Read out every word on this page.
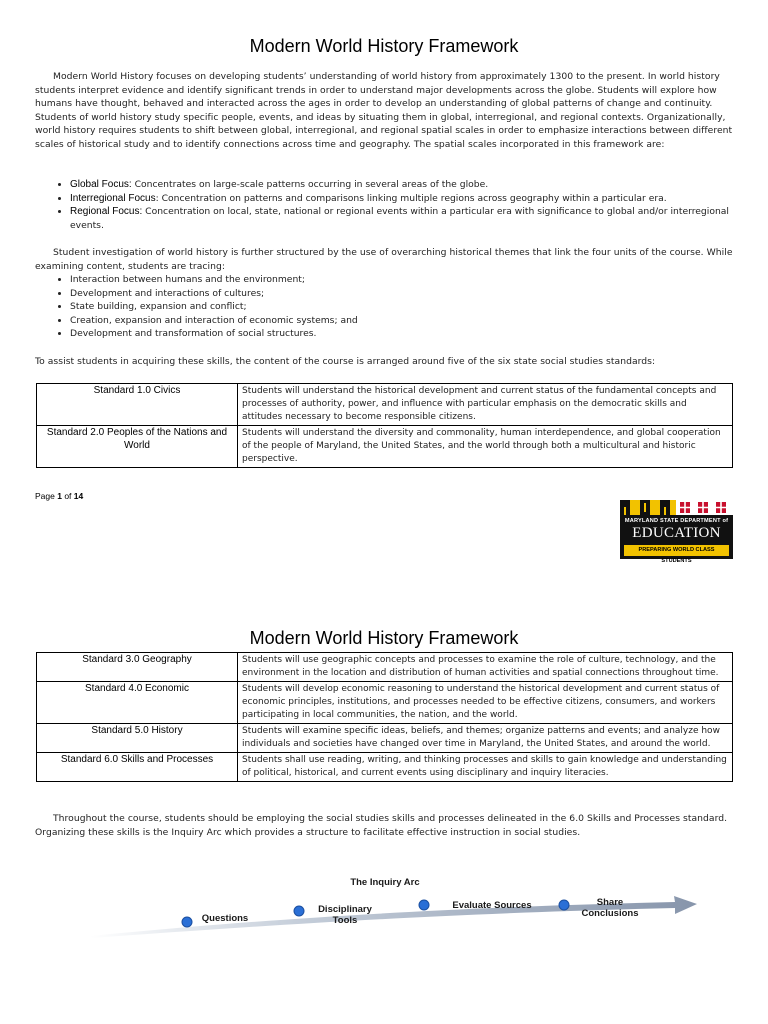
Modern World History Framework

Modern World History focuses on developing students’ understanding of world history from approximately 1300 to the present. In world history students interpret evidence and identify significant trends in order to understand major developments across the globe. Students will explore how humans have thought, behaved and interacted across the ages in order to develop an understanding of global patterns of change and continuity. Students of world history study specific people, events, and ideas by situating them in global, interregional, and regional contexts. Organizationally, world history requires students to shift between global, interregional, and regional spatial scales in order to emphasize interactions between different scales of historical study and to identify connections across time and geography. The spatial scales incorporated in this framework are:

• Global Focus: Concentrates on large-scale patterns occurring in several areas of the globe.
• Interregional Focus: Concentration on patterns and comparisons linking multiple regions across geography within a particular era.
• Regional Focus: Concentration on local, state, national or regional events within a particular era with significance to global and/or interregional events.

Student investigation of world history is further structured by the use of overarching historical themes that link the four units of the course. While examining content, students are tracing:

• Interaction between humans and the environment;
• Development and interactions of cultures;
• State building, expansion and conflict;
• Creation, expansion and interaction of economic systems; and
• Development and transformation of social structures.

To assist students in acquiring these skills, the content of the course is arranged around five of the six state social studies standards:

Standard 1.0 Civics	Students will understand the historical development and current status of the fundamental concepts and processes of authority, power, and influence with particular emphasis on the democratic skills and attitudes necessary to become responsible citizens.
Standard 2.0 Peoples of the Nations and World	Students will understand the diversity and commonality, human interdependence, and global cooperation of the people of Maryland, the United States, and the world through both a multicultural and historic perspective.
Page 1 of 14
MARYLAND STATE DEPARTMENT of
EDUCATION
PREPARING WORLD CLASS STUDENTS
Modern World History Framework
Standard 3.0 Geography	Students will use geographic concepts and processes to examine the role of culture, technology, and the environment in the location and distribution of human activities and spatial connections throughout time.
Standard 4.0 Economic	Students will develop economic reasoning to understand the historical development and current status of economic principles, institutions, and processes needed to be effective citizens, consumers, and workers participating in local communities, the nation, and the world.
Standard 5.0 History	Students will examine specific ideas, beliefs, and themes; organize patterns and events; and analyze how individuals and societies have changed over time in Maryland, the United States, and around the world.
Standard 6.0 Skills and Processes	Students shall use reading, writing, and thinking processes and skills to gain knowledge and understanding of political, historical, and current events using disciplinary and inquiry literacies.

Throughout the course, students should be employing the social studies skills and processes delineated in the 6.0 Skills and Processes standard. Organizing these skills is the Inquiry Arc which provides a structure to facilitate effective instruction in social studies.

The Inquiry Arc
Questions
Disciplinary
Tools
Evaluate Sources	Share
Conclusions
